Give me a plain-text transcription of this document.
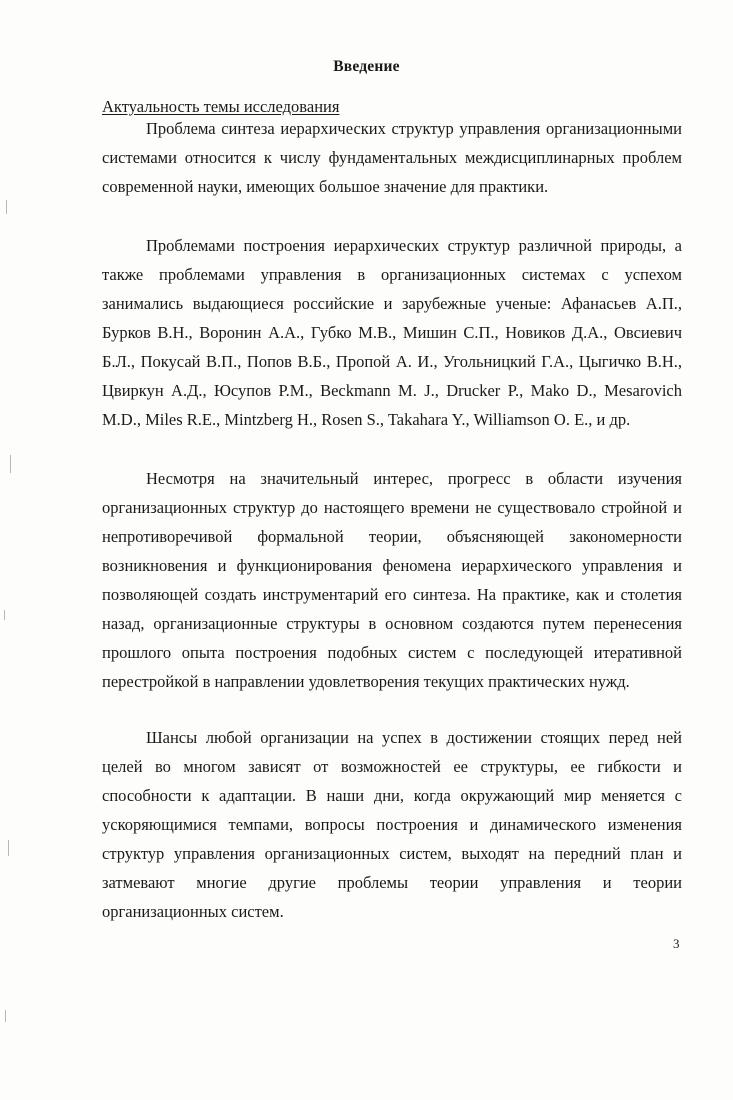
Введение
Актуальность темы исследования

Проблема синтеза иерархических структур управления организационными системами относится к числу фундаментальных междисциплинарных проблем современной науки, имеющих большое значение для практики.

Проблемами построения иерархических структур различной природы, а также проблемами управления в организационных системах с успехом занимались выдающиеся российские и зарубежные ученые: Афанасьев А.П., Бурков В.Н., Воронин А.А., Губко М.В., Мишин С.П., Новиков Д.А., Овсиевич Б.Л., Покусай В.П., Попов В.Б., Пропой А. И., Угольницкий Г.А., Цыгичко В.Н., Цвиркун А.Д., Юсупов Р.М., Beckmann M. J., Drucker P., Mako D., Mesarovich M.D., Miles R.E., Mintzberg H., Rosen S., Takahara Y., Williamson O. E., и др.

Несмотря на значительный интерес, прогресс в области изучения организационных структур до настоящего времени не существовало стройной и непротиворечивой формальной теории, объясняющей закономерности возникновения и функционирования феномена иерархического управления и позволяющей создать инструментарий его синтеза. На практике, как и столетия назад, организационные структуры в основном создаются путем перенесения прошлого опыта построения подобных систем с последующей итеративной перестройкой в направлении удовлетворения текущих практических нужд.

Шансы любой организации на успех в достижении стоящих перед ней целей во многом зависят от возможностей ее структуры, ее гибкости и способности к адаптации. В наши дни, когда окружающий мир меняется с ускоряющимися темпами, вопросы построения и динамического изменения структур управления организационных систем, выходят на передний план и затмевают многие другие проблемы теории управления и теории организационных систем.

3
